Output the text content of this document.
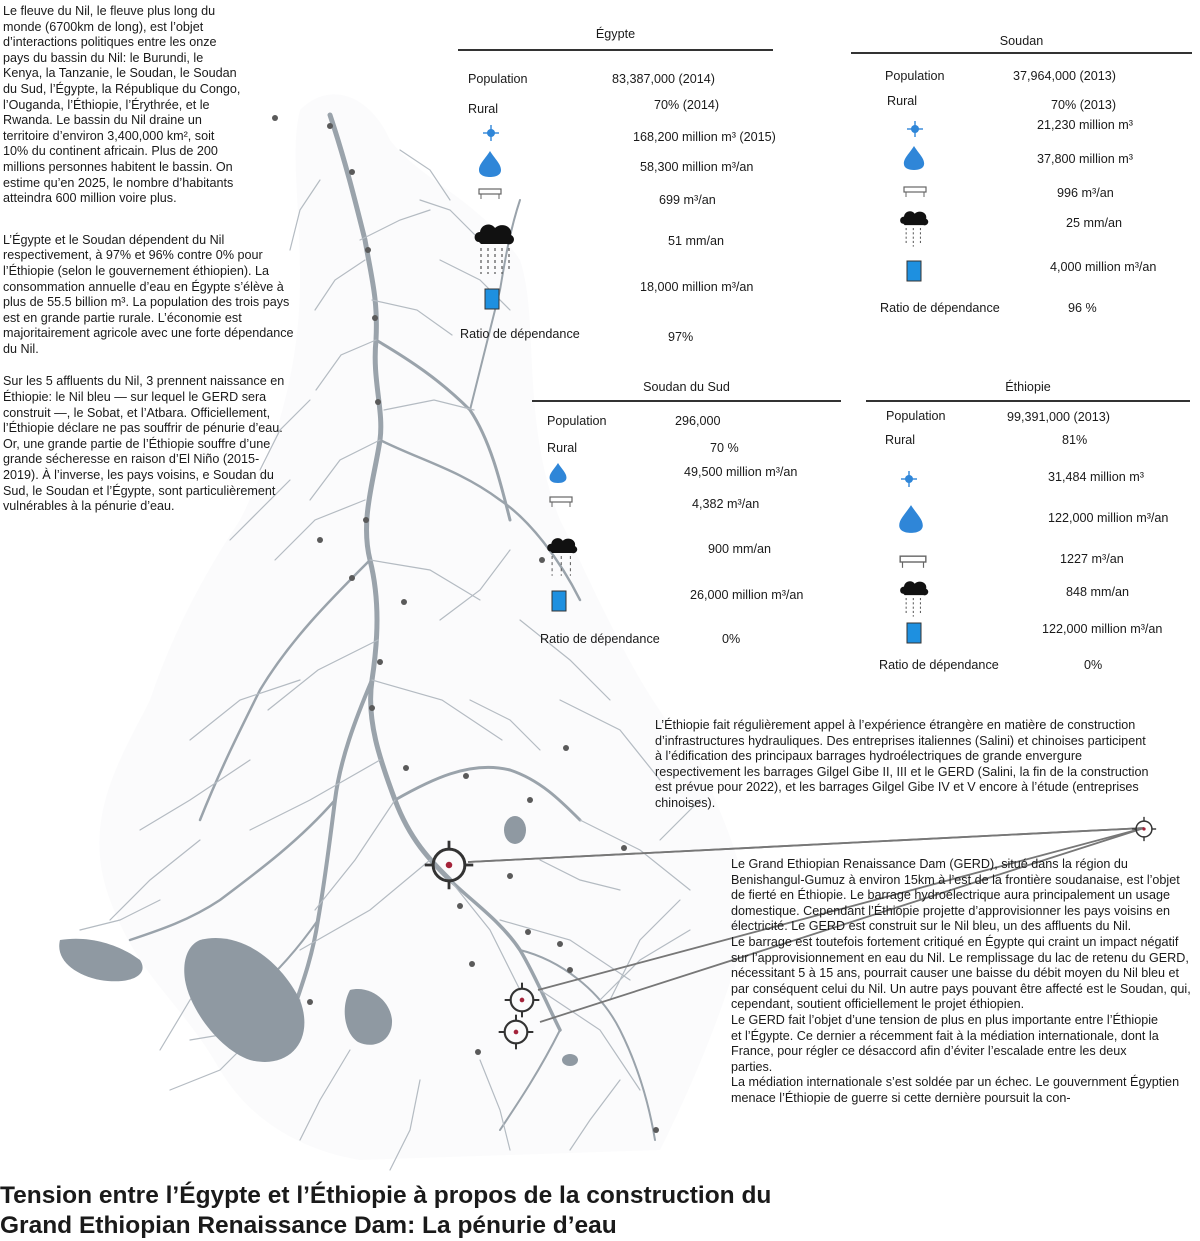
Le fleuve du Nil, le fleuve plus long du monde (6700km de long), est l’objet d’interactions politiques entre les onze pays du bassin du Nil: le Burundi, le Kenya, la Tanzanie, le Soudan, le Soudan du Sud, l’Égypte, la République du Congo, l’Ouganda, l’Éthiopie, l’Érythrée, et le Rwanda. Le bassin du Nil draine un territoire d’environ 3,400,000 km², soit 10% du continent africain. Plus de 200 millions personnes habitent le bassin. On estime qu’en 2025, le nombre d’habitants atteindra 600 million voire plus.

L’Égypte et le Soudan dépendent du Nil respectivement, à 97% et 96% contre 0% pour l’Éthiopie (selon le gouvernement éthiopien). La consommation annuelle d’eau en Égypte s’élève à plus de 55.5 billion m³. La population des trois pays est en grande partie rurale. L’économie est majoritairement agricole avec une forte dépendance du Nil.

Sur les 5 affluents du Nil, 3 prennent naissance en Éthiopie: le Nil bleu — sur lequel le GERD sera construit —, le Sobat, et l’Atbara. Officiellement, l’Éthiopie déclare ne pas souffrir de pénurie d’eau. Or, une grande partie de l’Éthiopie souffre d’une grande sécheresse en raison d’El Niño (2015-2019). À l’inverse, les pays voisins, e Soudan du Sud, le Soudan et l’Égypte, sont particulièrement vulnérables à la pénurie d’eau.

Égypte
Population	83,387,000 (2014)
Rural	70% (2014)
168,200 million m³ (2015)
58,300 million m³/an
699 m³/an
51 mm/an
18,000 million m³/an
Ratio de dépendance	97%
Soudan
Population	37,964,000 (2013)
Rural	70% (2013)
21,230 million m³
37,800 million m³
996 m³/an
25 mm/an
4,000 million m³/an
Ratio de dépendance	96 %
Soudan du Sud
Population	296,000
Rural	70 %
49,500 million m³/an
4,382 m³/an
900 mm/an
26,000 million m³/an
Ratio de dépendance	0%
Éthiopie
Population	99,391,000 (2013)
Rural	81%
31,484 million m³
122,000 million m³/an
1227 m³/an
848 mm/an
122,000 million m³/an
Ratio de dépendance	0%

L’Éthiopie fait régulièrement appel à l’expérience étrangère en matière de construction d’infrastructures hydrauliques. Des entreprises italiennes (Salini) et chinoises participent à l’édification des principaux barrages hydroélectriques de grande envergure respectivement les barrages Gilgel Gibe II, III et le GERD (Salini, la fin de la construction est prévue pour 2022), et les barrages Gilgel Gibe IV et V encore à l’étude (entreprises chinoises).

Le Grand Ethiopian Renaissance Dam (GERD), situé dans la région du Benishangul-Gumuz à environ 15km à l’est de la frontière soudanaise, est l’objet de fierté en Éthiopie. Le barrage hydroélectrique aura principalement un usage domestique. Cependant l’Éthiopie projette d’approvisionner les pays voisins en électricité. Le GERD est construit sur le Nil bleu, un des affluents du Nil.

Le barrage est toutefois fortement critiqué en Égypte qui craint un impact négatif sur l’approvisionnement en eau du Nil. Le remplissage du lac de retenu du GERD, nécessitant 5 à 15 ans, pourrait causer une baisse du débit moyen du Nil bleu et par conséquent celui du Nil. Un autre pays pouvant être affecté est le Soudan, qui, cependant, soutient officiellement le projet éthiopien.

Le GERD fait l’objet d’une tension de plus en plus importante entre l’Éthiopie et l’Égypte. Ce dernier a récemment fait à la médiation internationale, dont la France, pour régler ce désaccord afin d’éviter l’escalade entre les deux parties.

La médiation internationale s’est soldée par un échec. Le gouvernment Égyptien menace l’Éthiopie de guerre si cette dernière poursuit la con-

Tension entre l’Égypte et l’Éthiopie à propos de la construction du
Grand Ethiopian Renaissance Dam: La pénurie d’eau
